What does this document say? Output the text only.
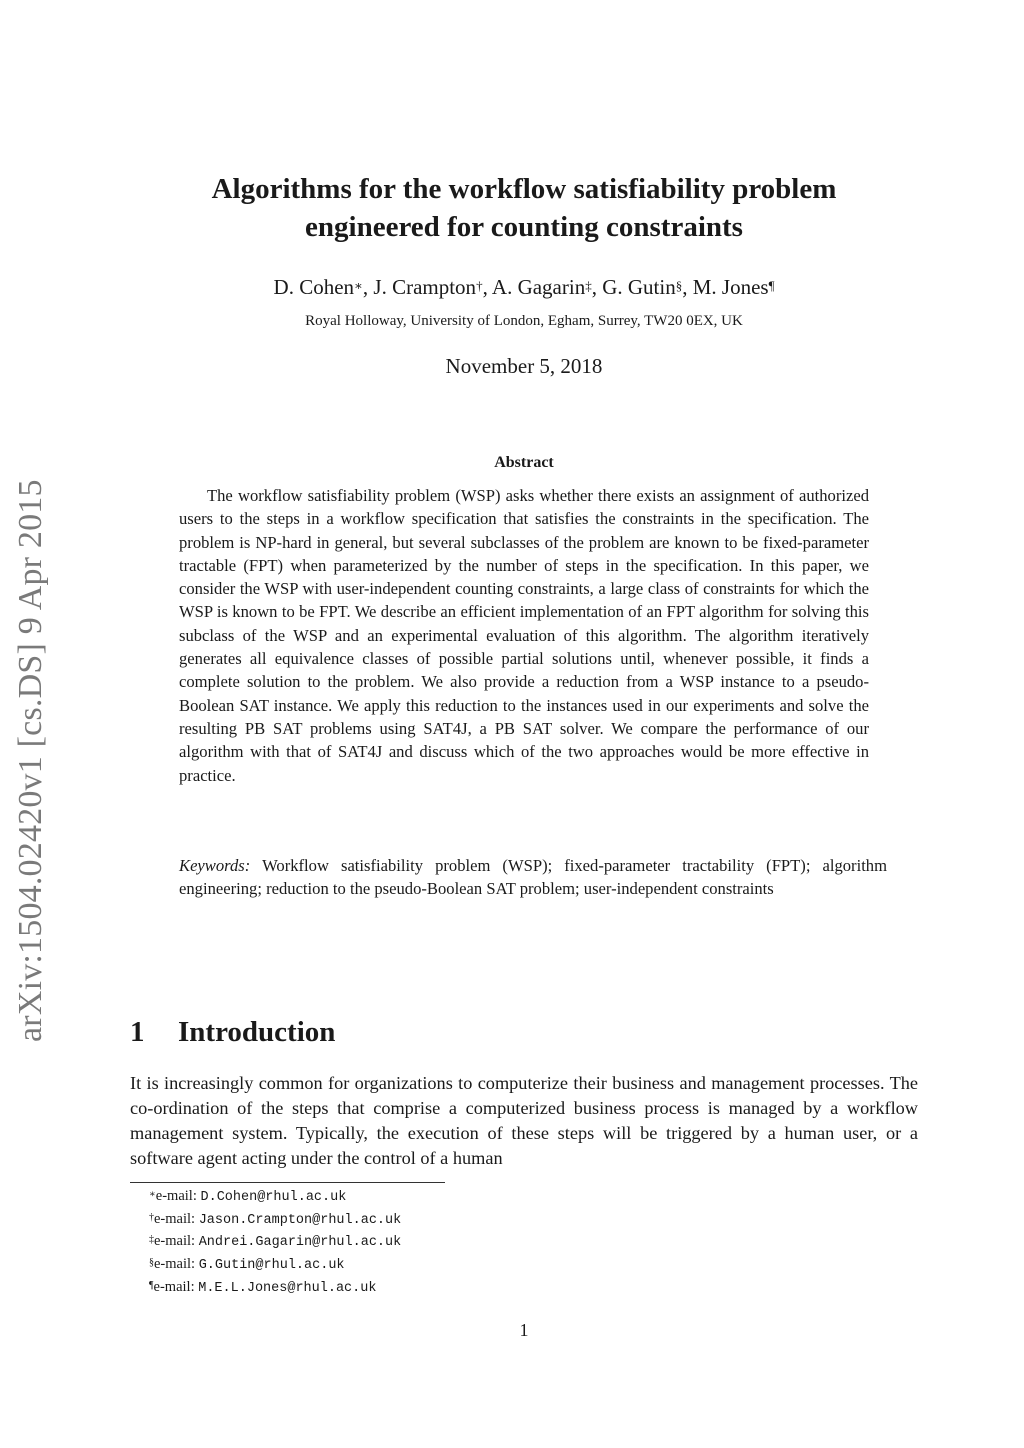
arXiv:1504.02420v1 [cs.DS] 9 Apr 2015
Algorithms for the workflow satisfiability problem
engineered for counting constraints
D. Cohen∗, J. Crampton†, A. Gagarin‡, G. Gutin§, M. Jones¶
Royal Holloway, University of London, Egham, Surrey, TW20 0EX, UK
November 5, 2018
Abstract
The workflow satisfiability problem (WSP) asks whether there exists an assignment of authorized users to the steps in a workflow specification that satisfies the constraints in the specification. The problem is NP-hard in general, but several subclasses of the problem are known to be fixed-parameter tractable (FPT) when parameterized by the number of steps in the specification. In this paper, we consider the WSP with user-independent counting constraints, a large class of constraints for which the WSP is known to be FPT. We describe an efficient implementation of an FPT algorithm for solving this subclass of the WSP and an experimental evaluation of this algorithm. The algorithm iteratively generates all equivalence classes of possible partial solutions until, whenever possible, it finds a complete solution to the problem. We also provide a reduction from a WSP instance to a pseudo-Boolean SAT instance. We apply this reduction to the instances used in our experiments and solve the resulting PB SAT problems using SAT4J, a PB SAT solver. We compare the performance of our algorithm with that of SAT4J and discuss which of the two approaches would be more effective in practice.
Keywords: Workflow satisfiability problem (WSP); fixed-parameter tractability (FPT); algorithm engineering; reduction to the pseudo-Boolean SAT problem; user-independent constraints
1 Introduction
It is increasingly common for organizations to computerize their business and management processes. The co-ordination of the steps that comprise a computerized business process is managed by a workflow management system. Typically, the execution of these steps will be triggered by a human user, or a software agent acting under the control of a human
∗e-mail: D.Cohen@rhul.ac.uk
†e-mail: Jason.Crampton@rhul.ac.uk
‡e-mail: Andrei.Gagarin@rhul.ac.uk
§e-mail: G.Gutin@rhul.ac.uk
¶e-mail: M.E.L.Jones@rhul.ac.uk
1
